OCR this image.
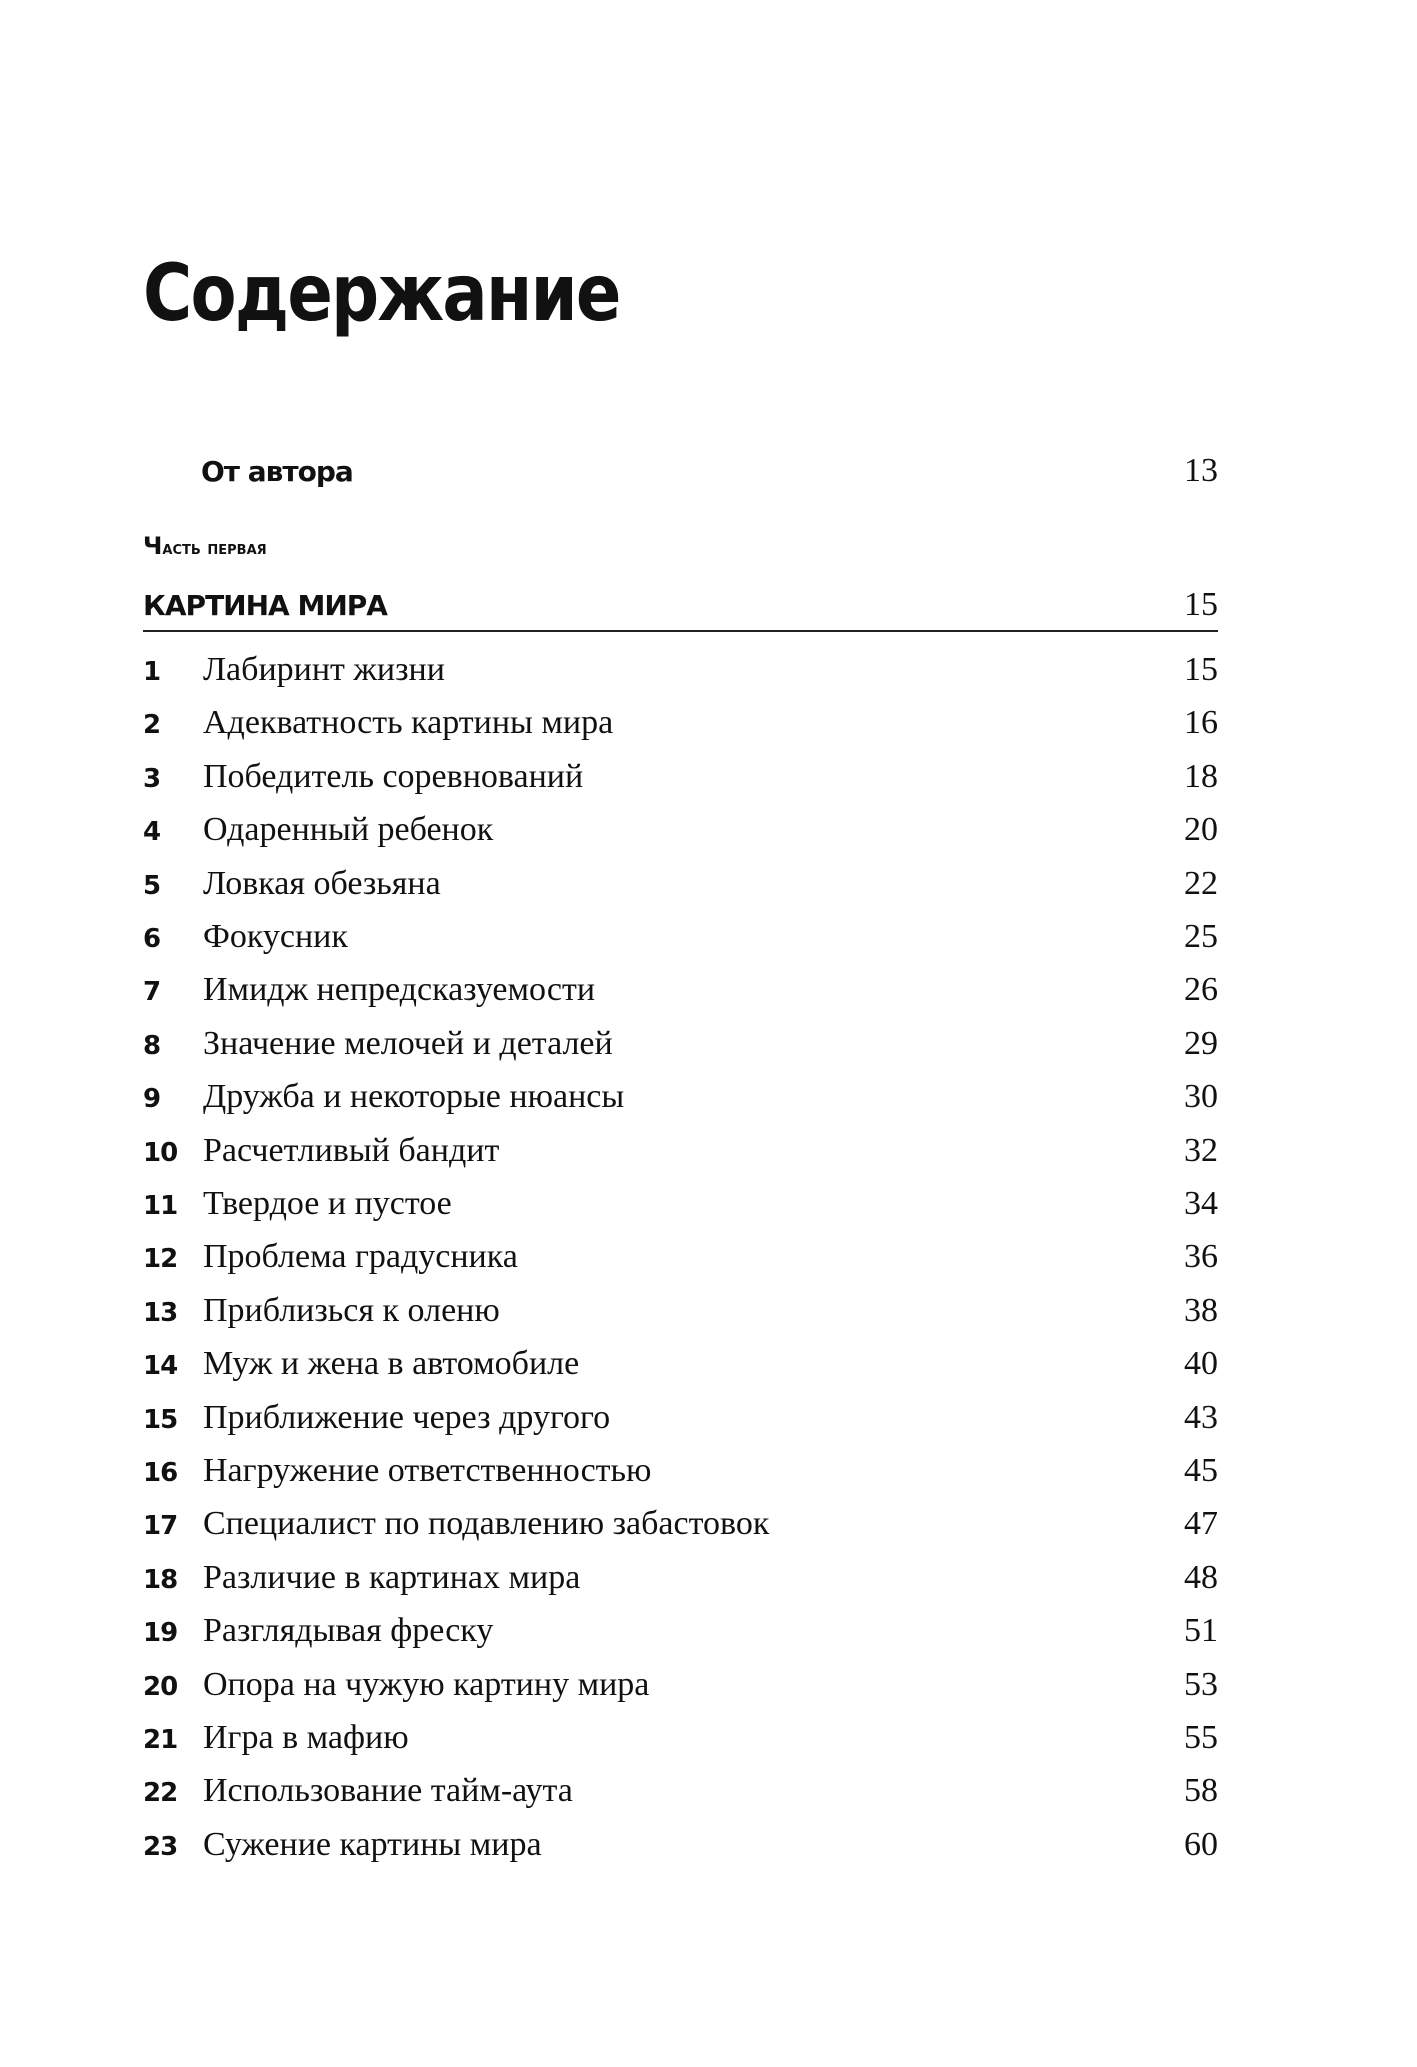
Содержание
От автора	13
Часть первая
КАРТИНА МИРА	15
1	Лабиринт жизни	15
2	Адекватность картины мира	16
3	Победитель соревнований	18
4	Одаренный ребенок	20
5	Ловкая обезьяна	22
6	Фокусник	25
7	Имидж непредсказуемости	26
8	Значение мелочей и деталей	29
9	Дружба и некоторые нюансы	30
10 Расчетливый бандит	32
11 Твердое и пустое	34
12 Проблема градусника	36
13 Приблизься к оленю	38
14 Муж и жена в автомобиле	40
15 Приближение через другого	43
16 Нагружение ответственностью	45
17 Специалист по подавлению забастовок	47
18 Различие в картинах мира	48
19 Разглядывая фреску	51
20 Опора на чужую картину мира	53
21 Игра в мафию	55
22 Использование тайм-аута	58
23 Сужение картины мира	60
